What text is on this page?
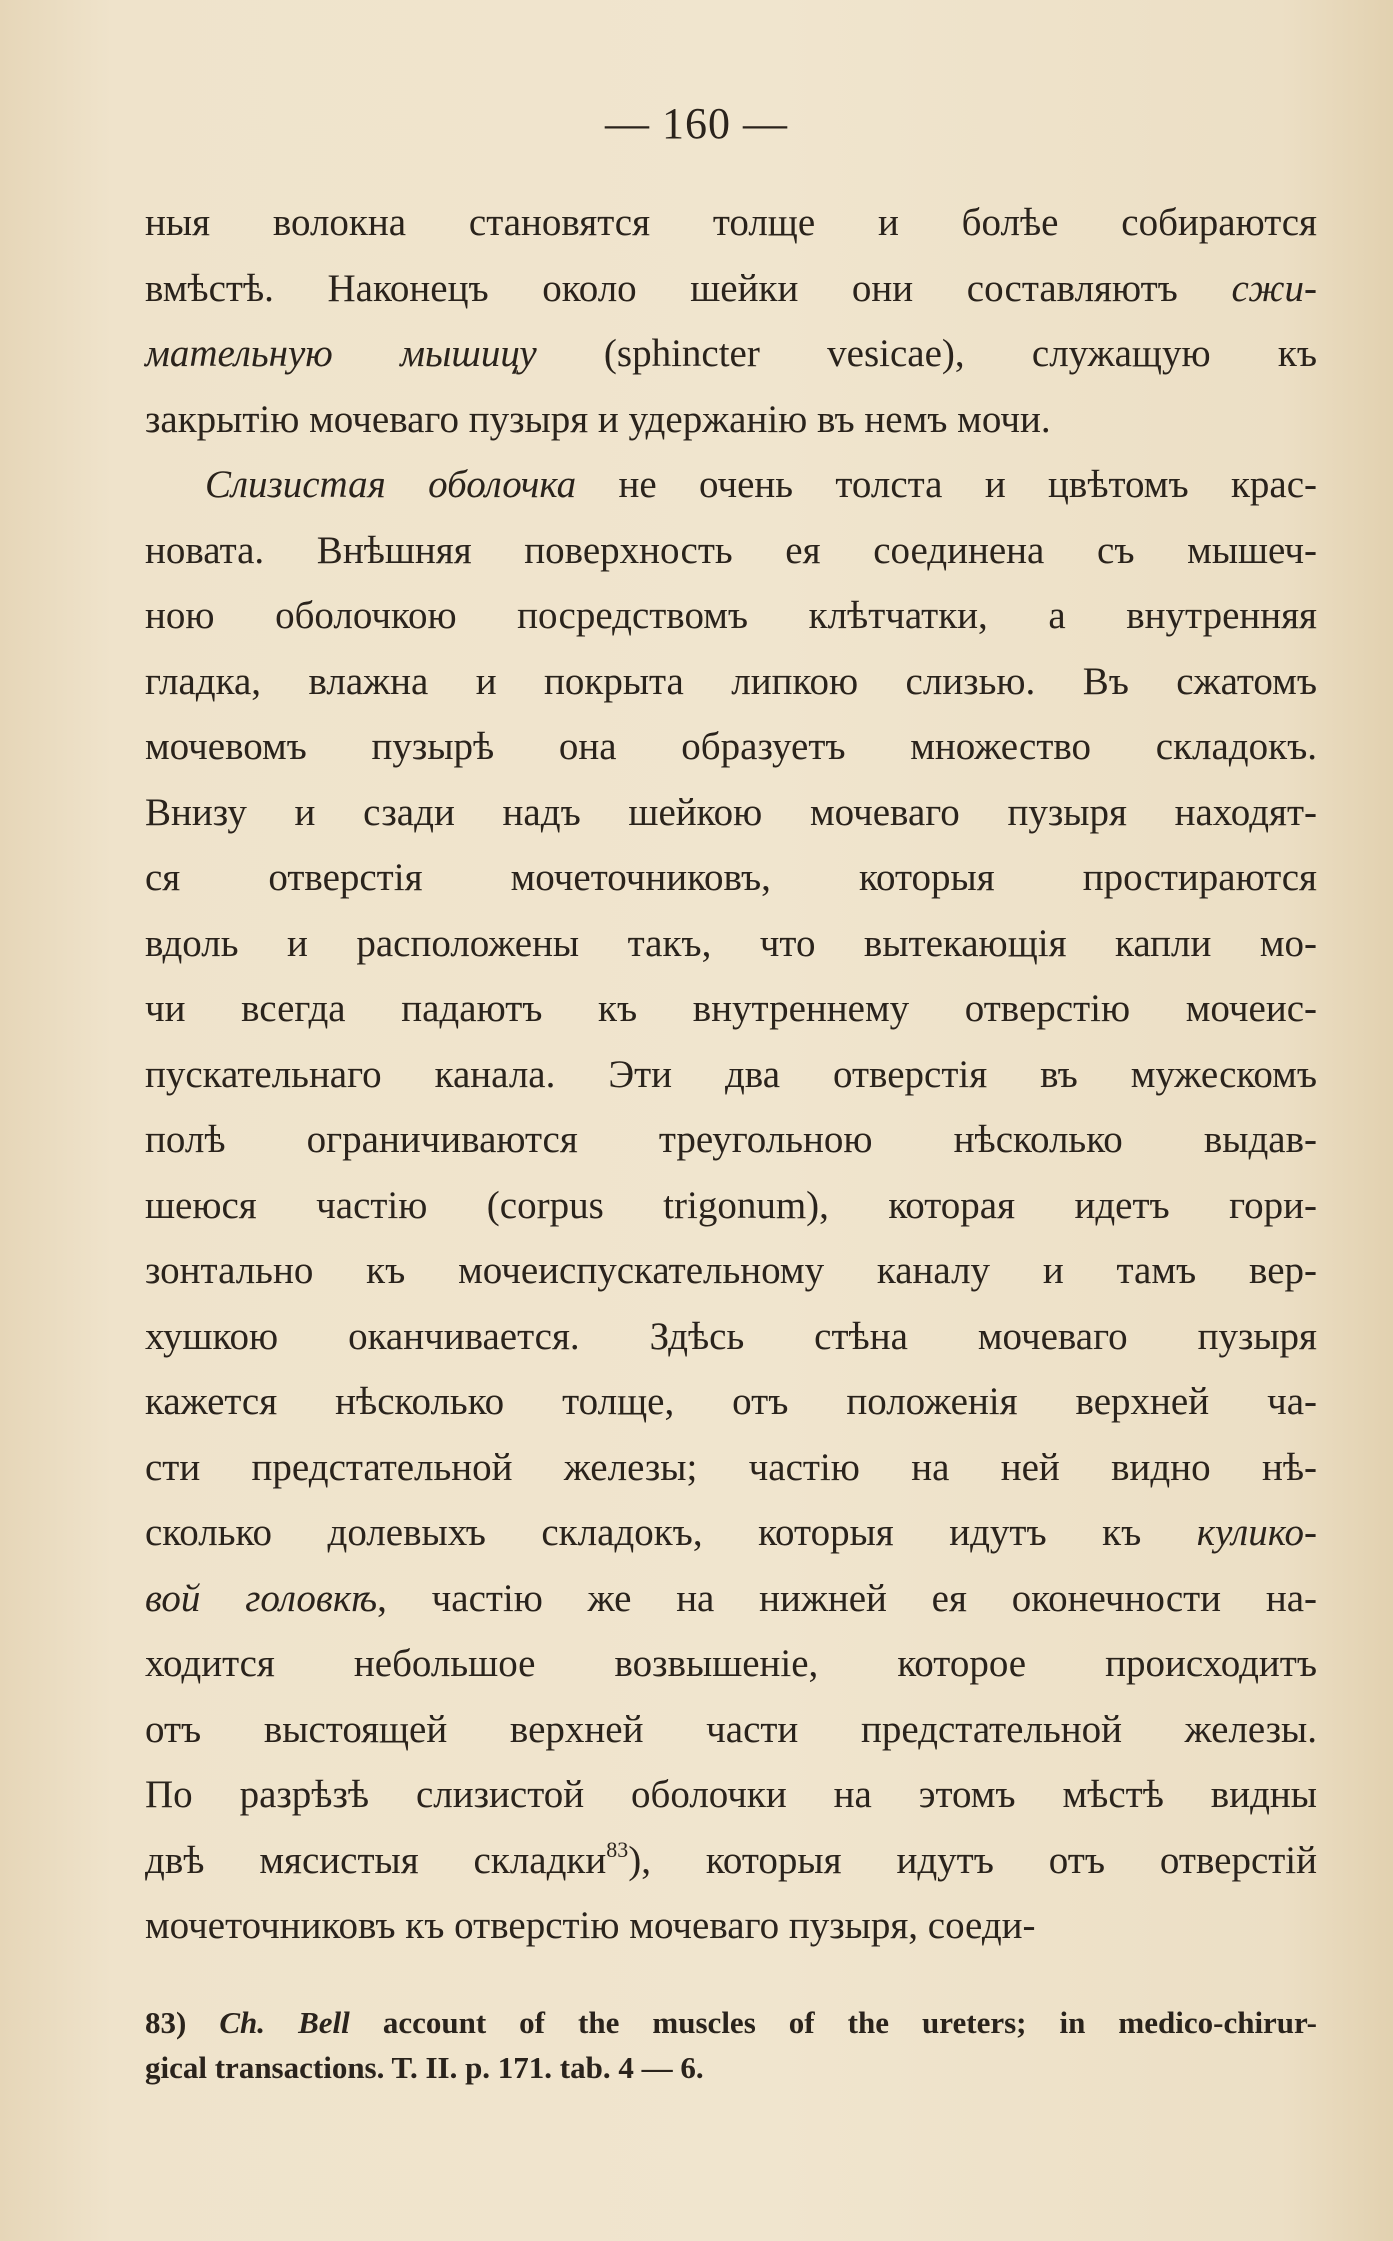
— 160 —
ныя волокна становятся толще и болѣе собираются
вмѣстѣ. Наконецъ около шейки они составляютъ сжи-
мательную мышицу (sphincter vesicae), служащую къ
закрытію мочеваго пузыря и удержанію въ немъ мочи.
Слизистая оболочка не очень толста и цвѣтомъ крас-
новата. Внѣшняя поверхность ея соединена съ мышеч-
ною оболочкою посредствомъ клѣтчатки, а внутренняя
гладка, влажна и покрыта липкою слизью. Въ сжатомъ
мочевомъ пузырѣ она образуетъ множество складокъ.
Внизу и сзади надъ шейкою мочеваго пузыря находят-
ся отверстія мочеточниковъ, которыя простираются
вдоль и расположены такъ, что вытекающія капли мо-
чи всегда падаютъ къ внутреннему отверстію мочеис-
пускательнаго канала. Эти два отверстія въ мужескомъ
полѣ ограничиваются треугольною нѣсколько выдав-
шеюся частію (corpus trigonum), которая идетъ гори-
зонтально къ мочеиспускательному каналу и тамъ вер-
хушкою оканчивается. Здѣсь стѣна мочеваго пузыря
кажется нѣсколько толще, отъ положенія верхней ча-
сти предстательной железы; частію на ней видно нѣ-
сколько долевыхъ складокъ, которыя идутъ къ кулико-
вой головкѣ, частію же на нижней ея оконечности на-
ходится небольшое возвышеніе, которое происходитъ
отъ выстоящей верхней части предстательной железы.
По разрѣзѣ слизистой оболочки на этомъ мѣстѣ видны
двѣ мясистыя складки$^{83}$), которыя идутъ отъ отверстій
мочеточниковъ къ отверстію мочеваго пузыря, соеди-
83) Ch. Bell account of the muscles of the ureters; in medico-chirur-
gical transactions. T. II. p. 171. tab. 4 — 6.
